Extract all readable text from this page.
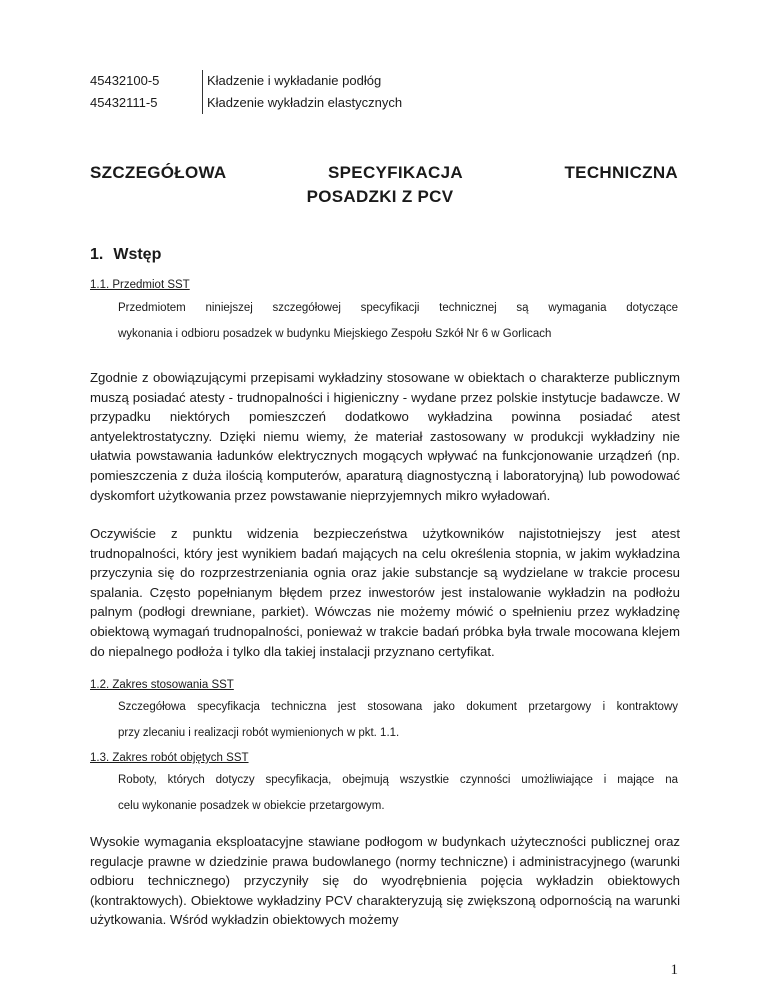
45432100-5	Kładzenie i wykładanie podłóg
45432111-5	Kładzenie wykładzin elastycznych
SZCZEGÓŁOWA	SPECYFIKACJA	TECHNICZNA
POSADZKI Z PCV
1. Wstęp
1.1. Przedmiot SST
Przedmiotem niniejszej szczegółowej specyfikacji technicznej są wymagania dotyczące
wykonania i odbioru posadzek w budynku Miejskiego Zespołu Szkół Nr 6 w Gorlicach

Zgodnie z obowiązującymi przepisami wykładziny stosowane w obiektach o charakterze publicznym muszą posiadać atesty - trudnopalności i higieniczny - wydane przez polskie instytucje badawcze. W przypadku niektórych pomieszczeń dodatkowo wykładzina powinna posiadać atest antyelektrostatyczny. Dzięki niemu wiemy, że materiał zastosowany w produkcji wykładziny nie ułatwia powstawania ładunków elektrycznych mogących wpływać na funkcjonowanie urządzeń (np. pomieszczenia z duża ilością komputerów, aparaturą diagnostyczną i laboratoryjną) lub powodować dyskomfort użytkowania przez powstawanie nieprzyjemnych mikro wyładowań.

Oczywiście z punktu widzenia bezpieczeństwa użytkowników najistotniejszy jest atest trudnopalności, który jest wynikiem badań mających na celu określenia stopnia, w jakim wykładzina przyczynia się do rozprzestrzeniania ognia oraz jakie substancje są wydzielane w trakcie procesu spalania. Często popełnianym błędem przez inwestorów jest instalowanie wykładzin na podłożu palnym (podłogi drewniane, parkiet). Wówczas nie możemy mówić o spełnieniu przez wykładzinę obiektową wymagań trudnopalności, ponieważ w trakcie badań próbka była trwale mocowana klejem do niepalnego podłoża i tylko dla takiej instalacji przyznano certyfikat.

1.2. Zakres stosowania SST
Szczegółowa specyfikacja techniczna jest stosowana jako dokument przetargowy i kontraktowy
przy zlecaniu i realizacji robót wymienionych w pkt. 1.1.
1.3. Zakres robót objętych SST
Roboty, których dotyczy specyfikacja, obejmują wszystkie czynności umożliwiające i mające na
celu wykonanie posadzek w obiekcie przetargowym.

Wysokie wymagania eksploatacyjne stawiane podłogom w budynkach użyteczności publicznej oraz regulacje prawne w dziedzinie prawa budowlanego (normy techniczne) i administracyjnego (warunki odbioru technicznego) przyczyniły się do wyodrębnienia pojęcia wykładzin obiektowych (kontraktowych). Obiektowe wykładziny PCV charakteryzują się zwiększoną odpornością na warunki użytkowania. Wśród wykładzin obiektowych możemy

1
